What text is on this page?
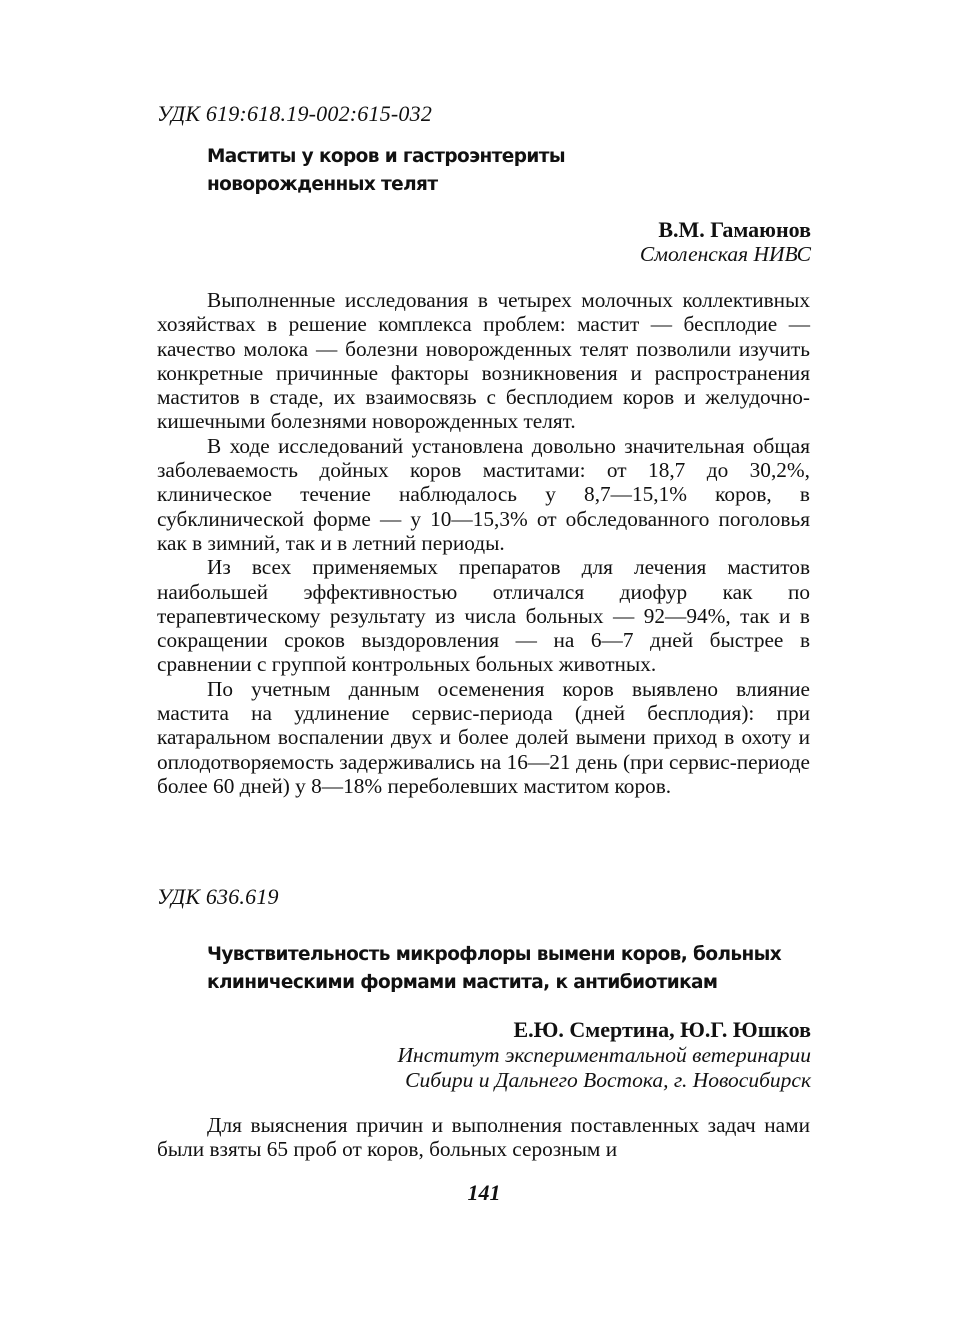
УДК 619:618.19-002:615-032
Маститы у коров и гастроэнтериты
новорожденных телят
В.М. Гамаюнов
Смоленская НИВС

Выполненные исследования в четырех молочных коллективных хозяйствах в решение комплекса проблем: мастит — бесплодие — качество молока — болезни новорожденных телят позволили изучить конкретные причинные факторы возникновения и распространения маститов в стаде, их взаимосвязь с бесплодием коров и желудочно-кишечными болезнями новорожденных телят.

В ходе исследований установлена довольно значительная общая заболеваемость дойных коров маститами: от 18,7 до 30,2%, клиническое течение наблюдалось у 8,7—15,1% коров, в субклинической форме — у 10—15,3% от обследованного поголовья как в зимний, так и в летний периоды.

Из всех применяемых препаратов для лечения маститов наибольшей эффективностью отличался диофур как по терапевтическому результату из числа больных — 92—94%, так и в сокращении сроков выздоровления — на 6—7 дней быстрее в сравнении с группой контрольных больных животных.

По учетным данным осеменения коров выявлено влияние мастита на удлинение сервис-периода (дней бесплодия): при катаральном воспалении двух и более долей вымени приход в охоту и оплодотворяемость задерживались на 16—21 день (при сервис-периоде более 60 дней) у 8—18% переболевших маститом коров.

УДК 636.619
Чувствительность микрофлоры вымени коров, больных
клиническими формами мастита, к антибиотикам
Е.Ю. Смертина, Ю.Г. Юшков
Институт экспериментальной ветеринарии
Сибири и Дальнего Востока, г. Новосибирск

Для выяснения причин и выполнения поставленных задач нами были взяты 65 проб от коров, больных серозным и

141
